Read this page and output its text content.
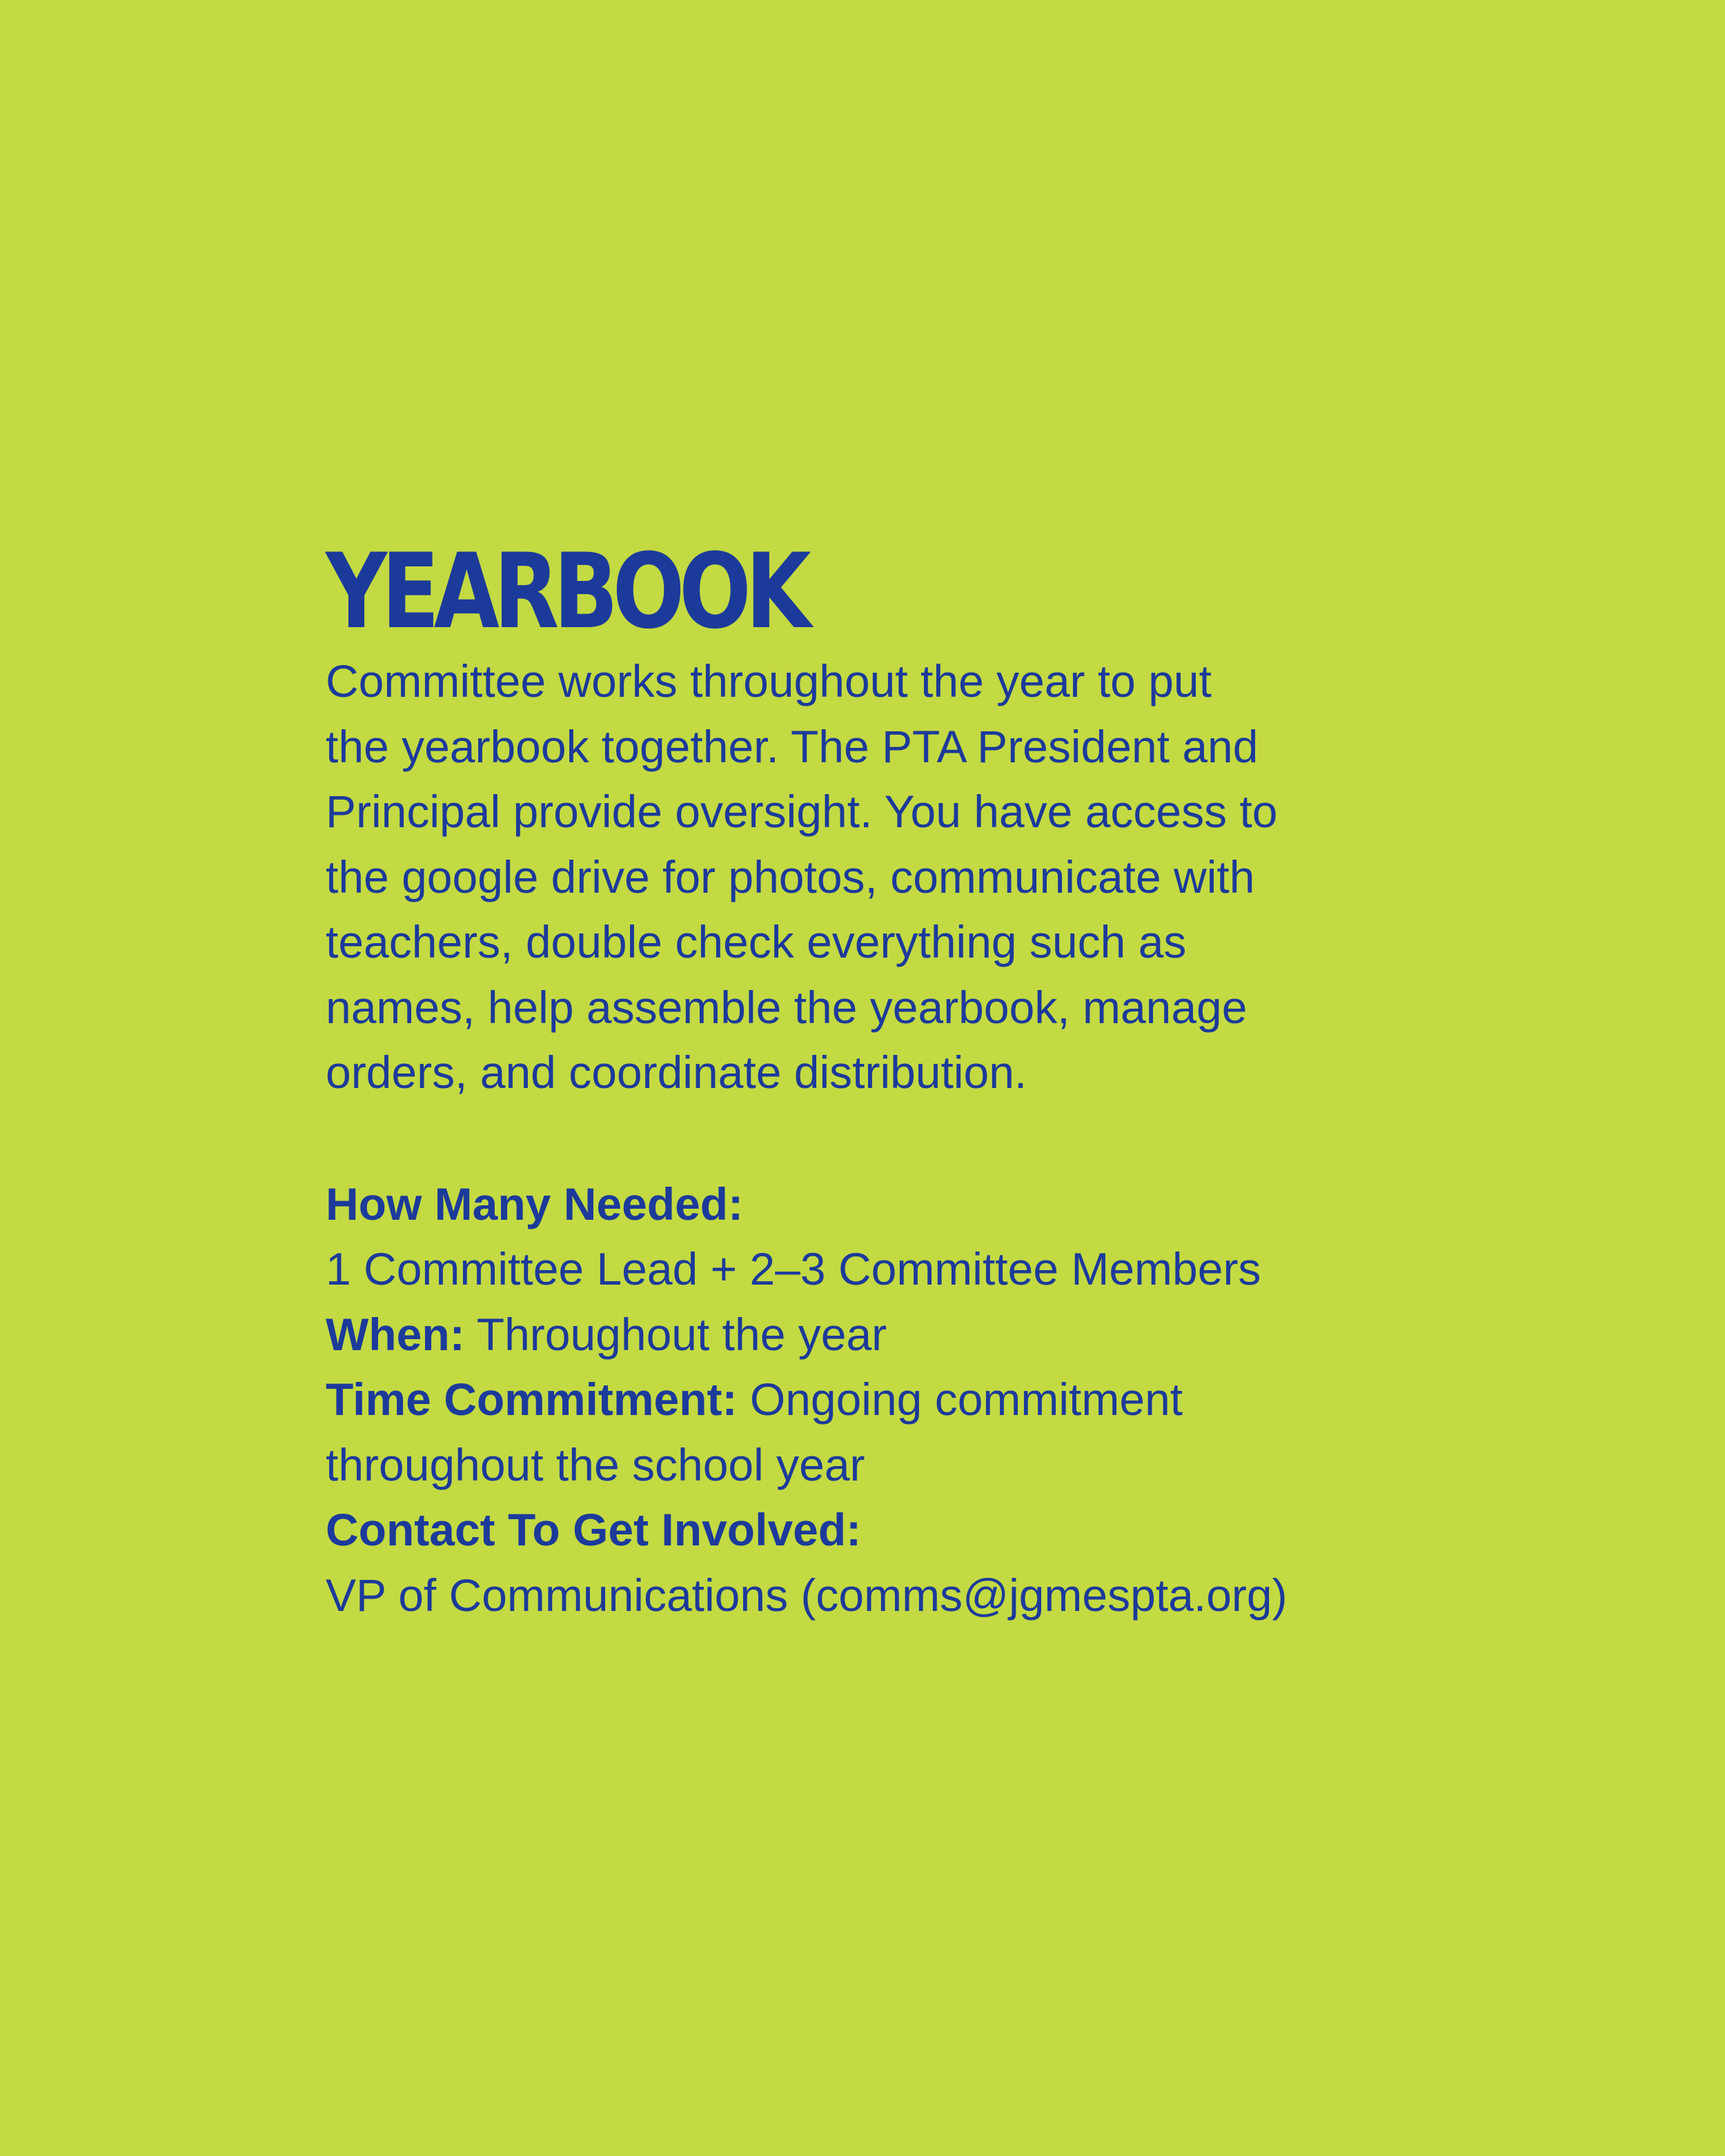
YEARBOOK

Committee works throughout the year to put
the yearbook together. The PTA President and
Principal provide oversight. You have access to
the google drive for photos, communicate with
teachers, double check everything such as
names, help assemble the yearbook, manage
orders, and coordinate distribution.

How Many Needed:
1 Committee Lead + 2–3 Committee Members
When: Throughout the year
Time Commitment: Ongoing commitment
throughout the school year
Contact To Get Involved:
VP of Communications (comms@jgmespta.org)
